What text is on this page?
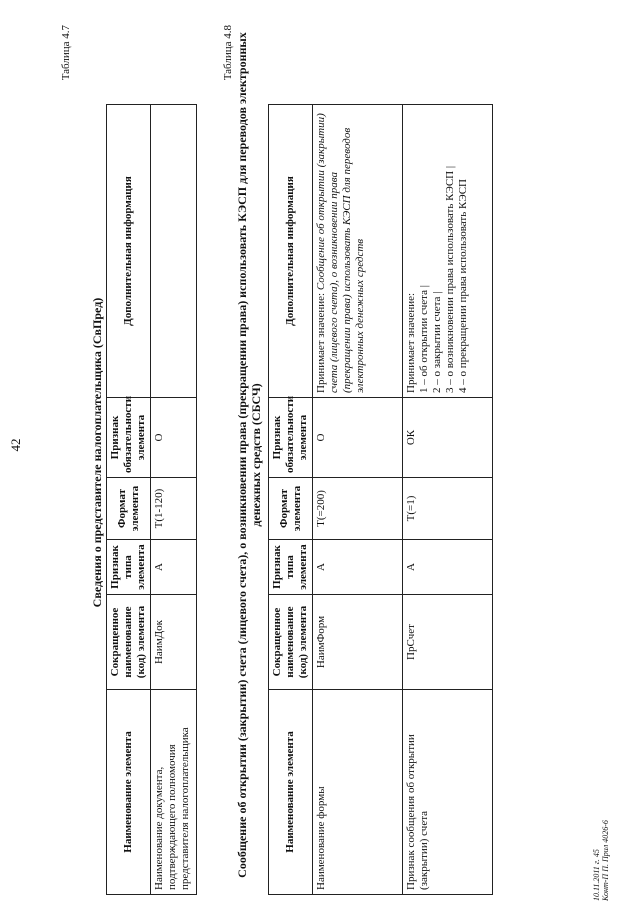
42
Таблица 4.7
Сведения о представителе налогоплательщика (СвПред)
Наименование элемента	Сокращенное наименование (код) элемента	Признак типа элемента	Формат элемента	Признак обязательности элемента	Дополнительная информация
Наименование документа, подтверждающего полномочия представителя налогоплательщика	НаимДок	А	Т(1-120)	О	
Таблица 4.8 Сообщение об открытии (закрытии) счета (лицевого счета), о возникновении права (прекращении права) использовать КЭСП для переводов электронных денежных средств (СБСЧ)
Наименование элемента	Сокращенное наименование (код) элемента	Признак типа элемента	Формат элемента	Признак обязательности элемента	Дополнительная информация
Наименование формы	НаимФорм	А	Т(=200)	О	Принимает значение: Сообщение об открытии (закрытии) счета (лицевого счета), о возникновении права (прекращении права) использовать КЭСП для переводов электронных денежных средств
Признак сообщения об открытии (закрытии) счета	ПрСчет	А	Т(=1)	ОК	Принимает значение: 1 – об открытии счета | 2 – о закрытии счета | 3 – о возникновении права использовать КЭСП | 4 – о прекращении права использовать КЭСП
10.11.2011 г. 45 Конт-П П. Прил 4026-6
